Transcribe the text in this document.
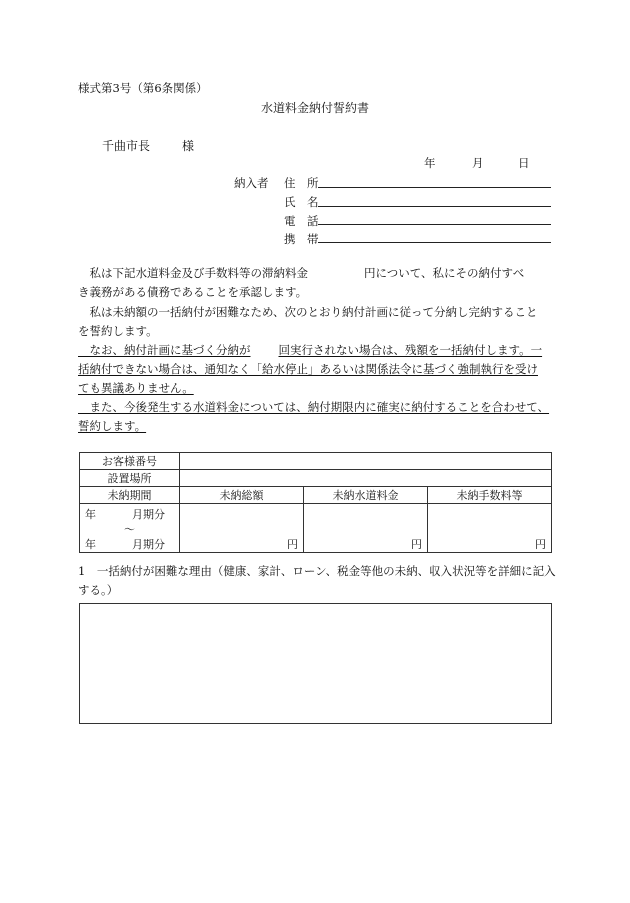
様式第3号（第6条関係）
水道料金納付誓約書
千曲市長	様
年	月	日
納入者 住　所
氏　名
電　話
携　帯
　私は下記水道料金及び手数料等の滞納料金	円について、私にその納付すべ
き義務がある債務であることを承認します。
　私は未納額の一括納付が困難なため、次のとおり納付計画に従って分納し完納すること
を誓約します。
　なお、納付計画に基づく分納が 回実行されない場合は、残額を一括納付します。一
括納付できない場合は、通知なく「給水停止」あるいは関係法令に基づく強制執行を受け
ても異議ありません。
　また、今後発生する水道料金については、納付期限内に確実に納付することを合わせて、
誓約します。
お客様番号			
設置場所			
未納期間	未納総額	未納水道料金	未納手数料等

年 月期分
～
年 月期分	円	円	円
1　一括納付が困難な理由（健康、家計、ローン、税金等他の未納、収入状況等を詳細に記入する。）
